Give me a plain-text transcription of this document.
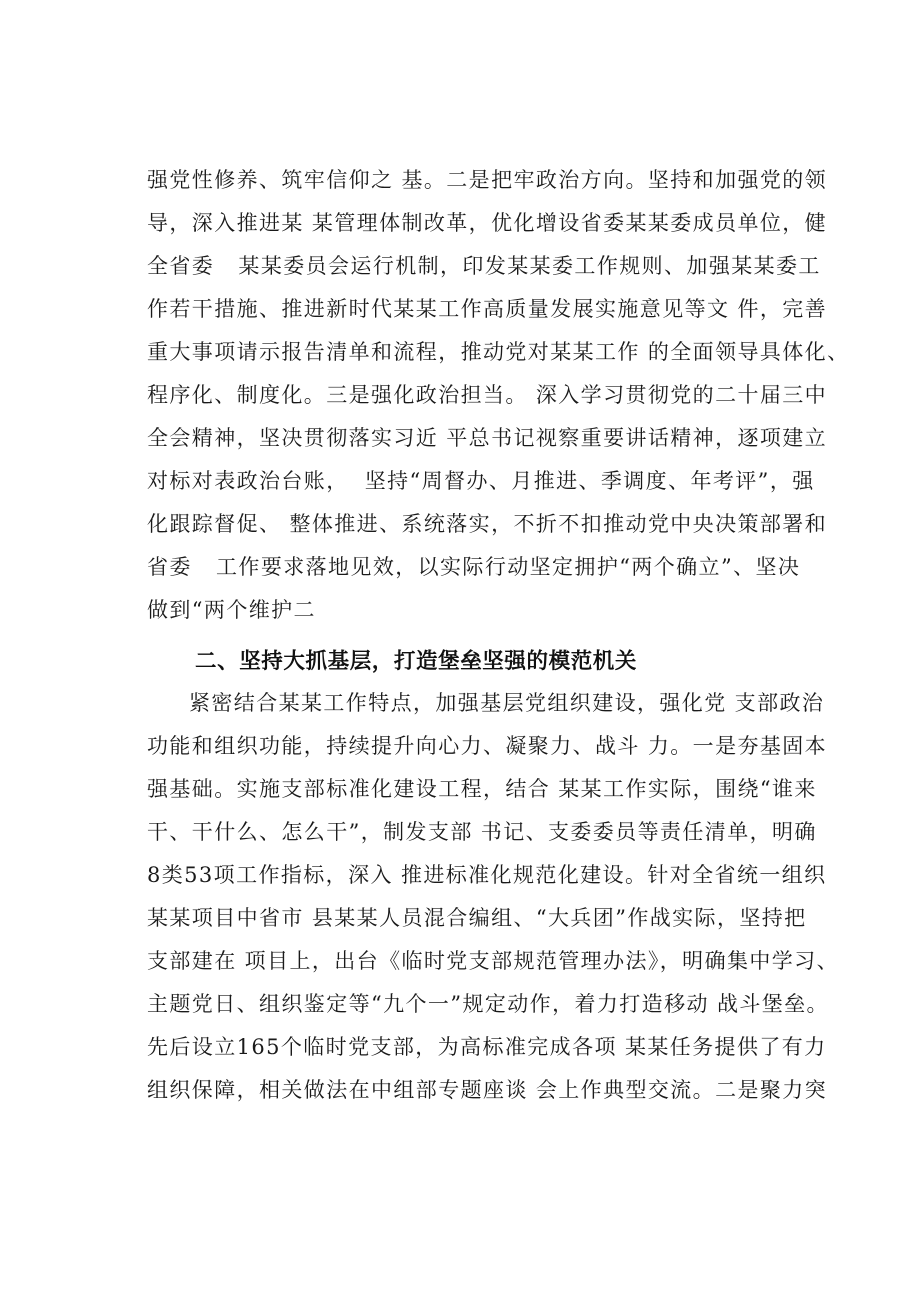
强党性修养、筑牢信仰之 基。二是把牢政治方向。坚持和加强党的领
导，深入推进某 某管理体制改革，优化增设省委某某委成员单位，健
全省委   某某委员会运行机制，印发某某委工作规则、加强某某委工
作若干措施、推进新时代某某工作高质量发展实施意见等文 件，完善
重大事项请示报告清单和流程，推动党对某某工作 的全面领导具体化、
程序化、制度化。三是强化政治担当。 深入学习贯彻党的二十届三中
全会精神，坚决贯彻落实习近 平总书记视察重要讲话精神，逐项建立
对标对表政治台账，  坚持“周督办、月推进、季调度、年考评”，强
化跟踪督促、 整体推进、系统落实，不折不扣推动党中央决策部署和
省委   工作要求落地见效，以实际行动坚定拥护“两个确立”、坚决
做到“两个维护二
二、坚持大抓基层，打造堡垒坚强的模范机关
紧密结合某某工作特点，加强基层党组织建设，强化党 支部政治
功能和组织功能，持续提升向心力、凝聚力、战斗 力。一是夯基固本
强基础。实施支部标准化建设工程，结合 某某工作实际，围绕“谁来
干、干什么、怎么干”，制发支部 书记、支委委员等责任清单，明确
8类53项工作指标，深入 推进标准化规范化建设。针对全省统一组织
某某项目中省市 县某某人员混合编组、“大兵团”作战实际，坚持把
支部建在 项目上，出台《临时党支部规范管理办法》，明确集中学习、
主题党日、组织鉴定等“九个一”规定动作，着力打造移动 战斗堡垒。
先后设立165个临时党支部，为高标准完成各项 某某任务提供了有力
组织保障，相关做法在中组部专题座谈 会上作典型交流。二是聚力突
